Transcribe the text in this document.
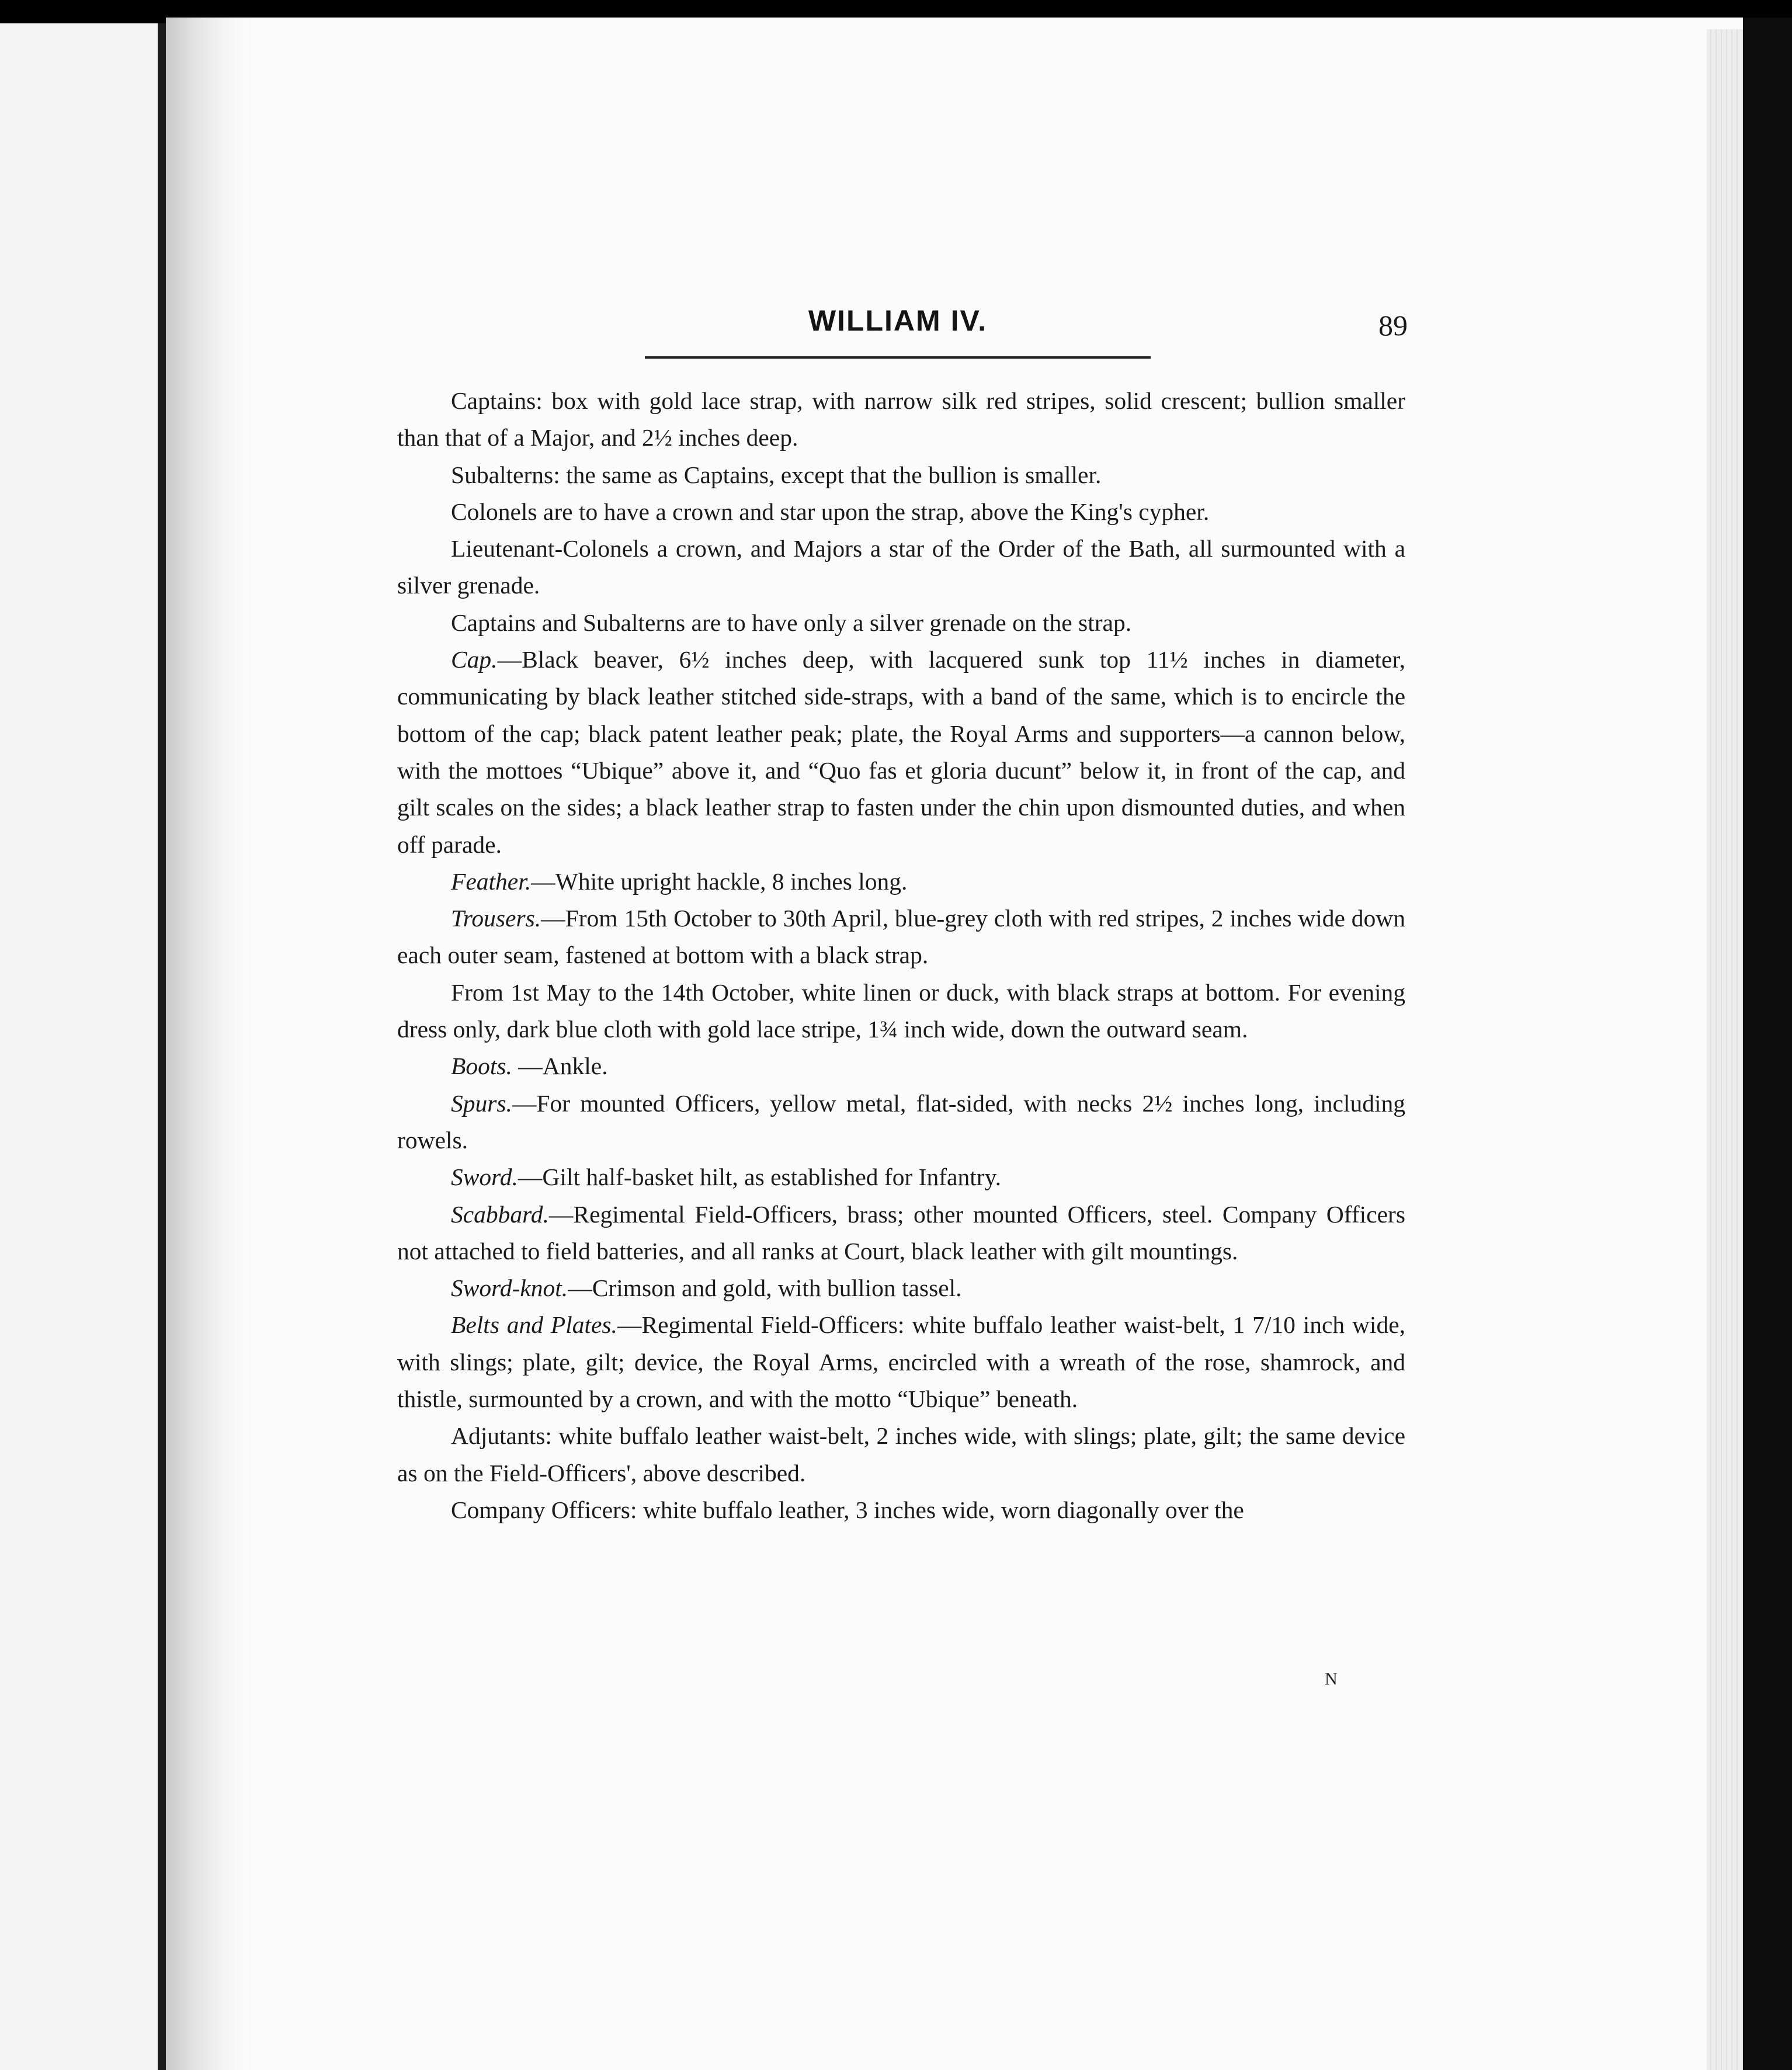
WILLIAM IV.	89

Captains: box with gold lace strap, with narrow silk red stripes, solid crescent; bullion smaller than that of a Major, and 2½ inches deep.

Subalterns: the same as Captains, except that the bullion is smaller.

Colonels are to have a crown and star upon the strap, above the King's cypher.

Lieutenant-Colonels a crown, and Majors a star of the Order of the Bath, all surmounted with a silver grenade.

Captains and Subalterns are to have only a silver grenade on the strap.

Cap.—Black beaver, 6½ inches deep, with lacquered sunk top 11½ inches in diameter, communicating by black leather stitched side-straps, with a band of the same, which is to encircle the bottom of the cap; black patent leather peak; plate, the Royal Arms and supporters—a cannon below, with the mottoes “Ubique” above it, and “Quo fas et gloria ducunt” below it, in front of the cap, and gilt scales on the sides; a black leather strap to fasten under the chin upon dismounted duties, and when off parade.

Feather.—White upright hackle, 8 inches long.

Trousers.—From 15th October to 30th April, blue-grey cloth with red stripes, 2 inches wide down each outer seam, fastened at bottom with a black strap.

From 1st May to the 14th October, white linen or duck, with black straps at bottom. For evening dress only, dark blue cloth with gold lace stripe, 1¾ inch wide, down the outward seam.

Boots. —Ankle.

Spurs.—For mounted Officers, yellow metal, flat-sided, with necks 2½ inches long, including rowels.

Sword.—Gilt half-basket hilt, as established for Infantry.

Scabbard.—Regimental Field-Officers, brass; other mounted Officers, steel. Company Officers not attached to field batteries, and all ranks at Court, black leather with gilt mountings.

Sword-knot.—Crimson and gold, with bullion tassel.

Belts and Plates.—Regimental Field-Officers: white buffalo leather waist-belt, 1 7/10 inch wide, with slings; plate, gilt; device, the Royal Arms, encircled with a wreath of the rose, shamrock, and thistle, surmounted by a crown, and with the motto “Ubique” beneath.

Adjutants: white buffalo leather waist-belt, 2 inches wide, with slings; plate, gilt; the same device as on the Field-Officers', above described.

Company Officers: white buffalo leather, 3 inches wide, worn diagonally over the

N
